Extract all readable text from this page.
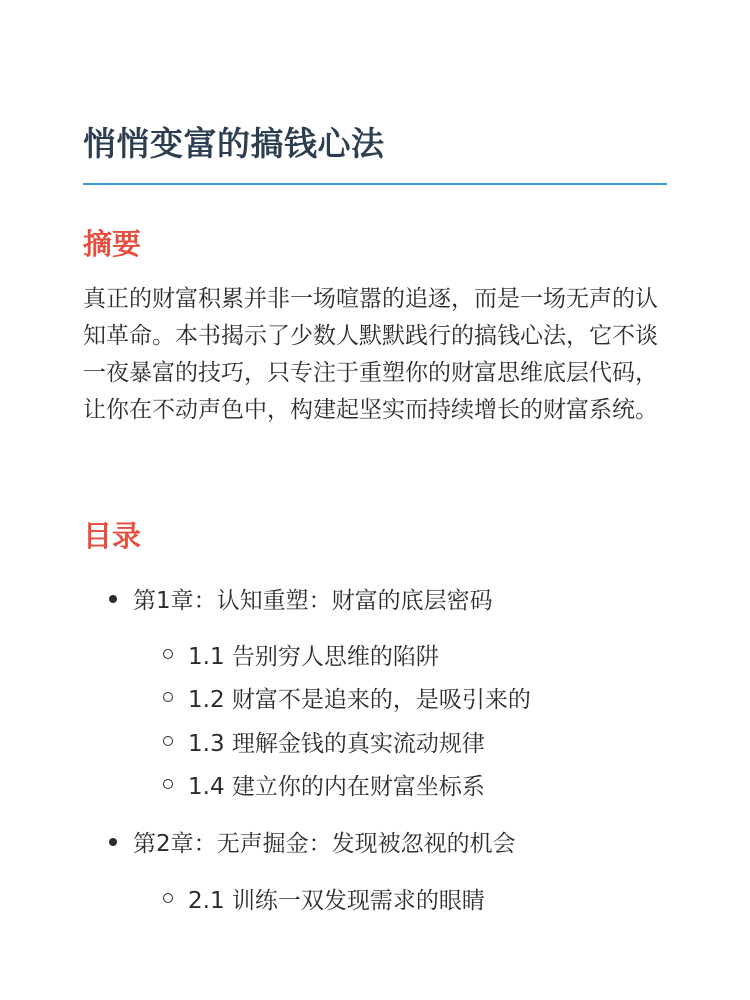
悄悄变富的搞钱心法
摘要

真正的财富积累并非一场喧嚣的追逐，而是一场无声的认知革命。本书揭示了少数人默默践行的搞钱心法，它不谈一夜暴富的技巧，只专注于重塑你的财富思维底层代码，让你在不动声色中，构建起坚实而持续增长的财富系统。

目录
第1章：认知重塑：财富的底层密码
1.1 告别穷人思维的陷阱
1.2 财富不是追来的，是吸引来的
1.3 理解金钱的真实流动规律
1.4 建立你的内在财富坐标系
第2章：无声掘金：发现被忽视的机会
2.1 训练一双发现需求的眼睛
